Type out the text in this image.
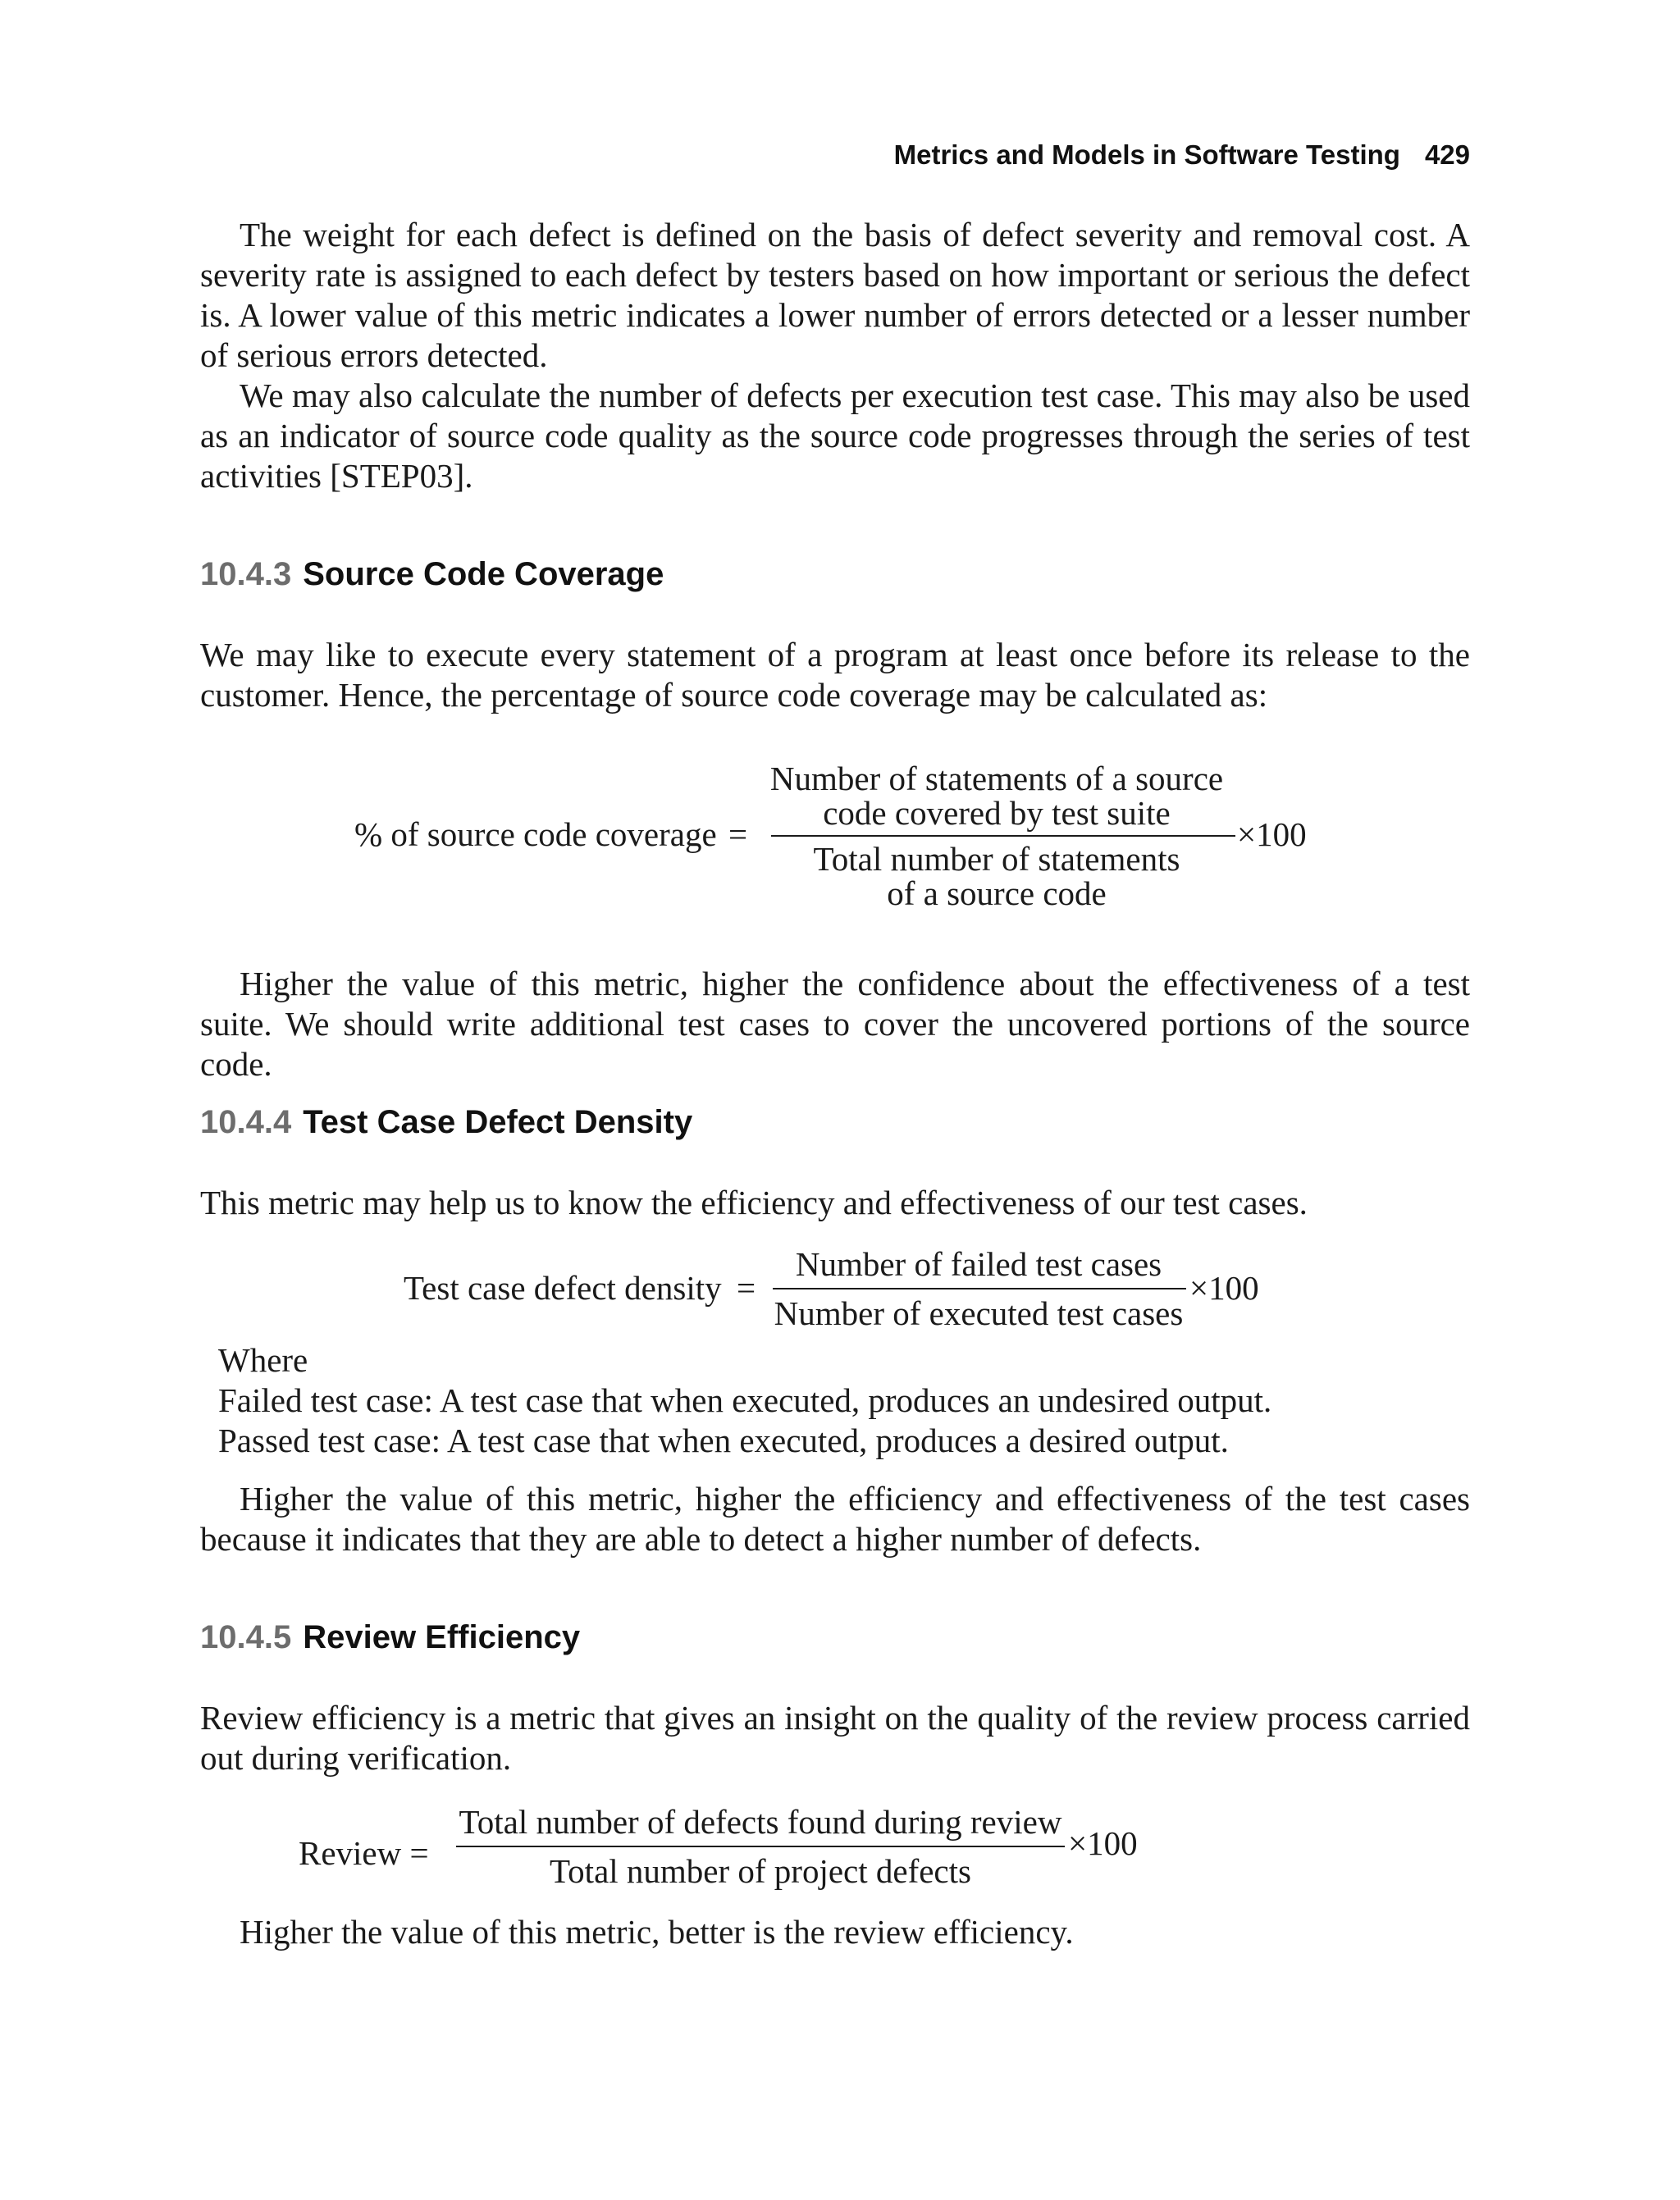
Metrics and Models in Software Testing 429

The weight for each defect is defined on the basis of defect severity and removal cost. A severity rate is assigned to each defect by testers based on how important or serious the defect is. A lower value of this metric indicates a lower number of errors detected or a lesser number of serious errors detected.

We may also calculate the number of defects per execution test case. This may also be used as an indicator of source code quality as the source code progresses through the series of test activities [STEP03].

10.4.3 Source Code Coverage

We may like to execute every statement of a program at least once before its release to the customer. Hence, the percentage of source code coverage may be calculated as:

% of source code coverage =
Number of statements of a source
code covered by test suite
Total number of statements
of a source code
×100

Higher the value of this metric, higher the confidence about the effectiveness of a test suite. We should write additional test cases to cover the uncovered portions of the source code.

10.4.4 Test Case Defect Density

This metric may help us to know the efficiency and effectiveness of our test cases.

Test case defect density =
Number of failed test cases
Number of executed test cases
×100
Where
Failed test case: A test case that when executed, produces an undesired output.
Passed test case: A test case that when executed, produces a desired output.

Higher the value of this metric, higher the efficiency and effectiveness of the test cases because it indicates that they are able to detect a higher number of defects.

10.4.5 Review Efficiency

Review efficiency is a metric that gives an insight on the quality of the review process carried out during verification.

Review =
Total number of defects found during review
Total number of project defects
×100

Higher the value of this metric, better is the review efficiency.
